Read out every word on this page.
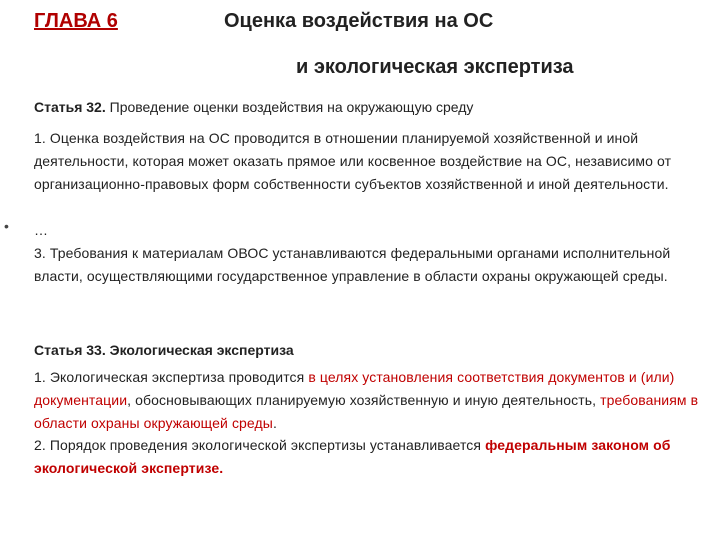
ГЛАВА 6	Оценка воздействия на ОС
и экологическая экспертиза
Статья 32. Проведение оценки воздействия на окружающую среду
1. Оценка воздействия на ОС проводится в отношении планируемой хозяйственной и иной деятельности, которая может оказать прямое или косвенное воздействие на ОС, независимо от организационно-правовых форм собственности субъектов хозяйственной и иной деятельности.
• …
3. Требования к материалам ОВОС устанавливаются федеральными органами исполнительной власти, осуществляющими государственное управление в области охраны окружающей среды.
Статья 33. Экологическая экспертиза
1. Экологическая экспертиза проводится в целях установления соответствия документов и (или) документации, обосновывающих планируемую хозяйственную и иную деятельность, требованиям в области охраны окружающей среды.
2. Порядок проведения экологической экспертизы устанавливается федеральным законом об экологической экспертизе.
